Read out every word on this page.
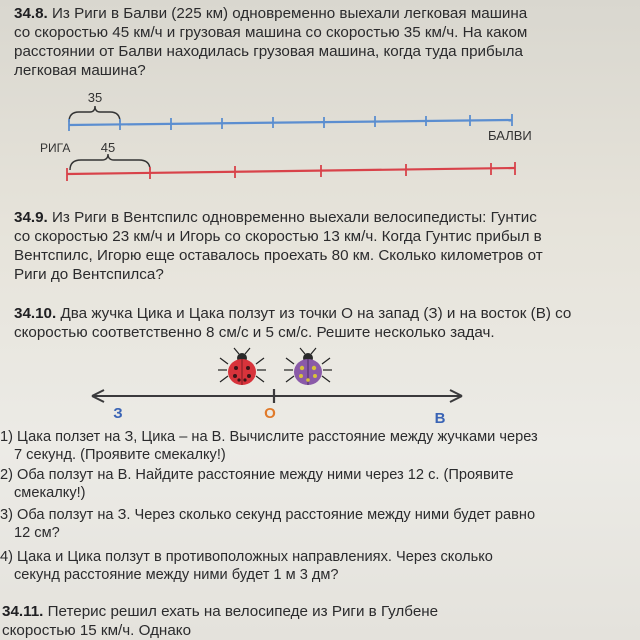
34.8. Из Риги в Балви (225 км) одновременно выехали легковая машина
со скоростью 45 км/ч и грузовая машина со скоростью 35 км/ч. На каком
расстоянии от Балви находилась грузовая машина, когда туда прибыла
легковая машина?
35
РИГА
БАЛВИ
45
34.9. Из Риги в Вентспилс одновременно выехали велосипедисты: Гунтис
со скоростью 23 км/ч и Игорь со скоростью 13 км/ч. Когда Гунтис прибыл в
Вентспилс, Игорю еще оставалось проехать 80 км. Сколько километров от
Риги до Вентспилса?
34.10. Два жучка Цика и Цака ползут из точки O на запад (З) и на восток (В) со
скоростью соответственно 8 см/с и 5 см/с. Решите несколько задач.
З	O	В
1) Цака ползет на З, Цика – на В. Вычислите расстояние между жучками через
7 секунд. (Проявите смекалку!)
2) Оба ползут на В. Найдите расстояние между ними через 12 с. (Проявите
смекалку!)
3) Оба ползут на З. Через сколько секунд расстояние между ними будет равно
12 см?
4) Цака и Цика ползут в противоположных направлениях. Через сколько
секунд расстояние между ними будет 1 м 3 дм?
34.11. Петерис решил ехать на велосипеде из Риги в Гулбене
скоростью 15 км/ч. Однако
